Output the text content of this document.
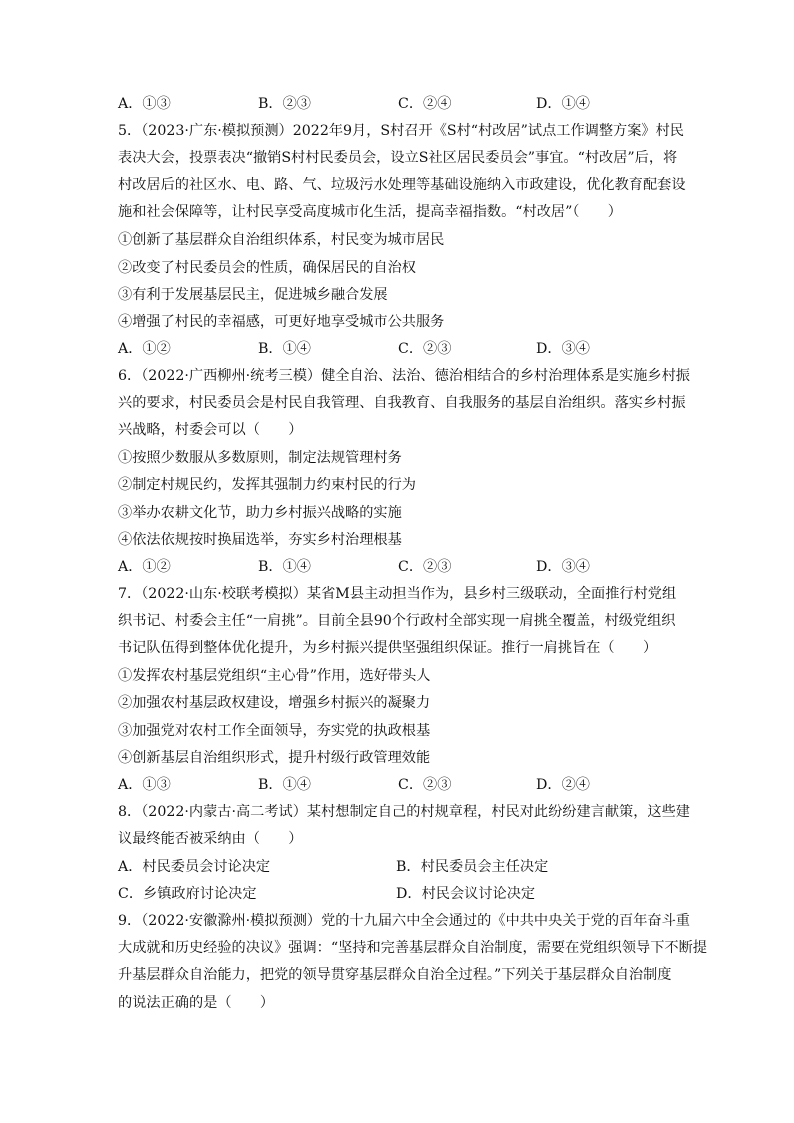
A．①③	B．②③	C．②④	D．①④
5．（2023·广东·模拟预测）2022年9月，S村召开《S村“村改居”试点工作调整方案》村民
表决大会，投票表决“撤销S村村民委员会，设立S社区居民委员会”事宜。“村改居”后，将
村改居后的社区水、电、路、气、垃圾污水处理等基础设施纳入市政建设，优化教育配套设
施和社会保障等，让村民享受高度城市化生活，提高幸福指数。“村改居”（　　）
①创新了基层群众自治组织体系，村民变为城市居民
②改变了村民委员会的性质，确保居民的自治权
③有利于发展基层民主，促进城乡融合发展
④增强了村民的幸福感，可更好地享受城市公共服务
A．①②	B．①④	C．②③	D．③④
6．（2022·广西柳州·统考三模）健全自治、法治、德治相结合的乡村治理体系是实施乡村振
兴的要求，村民委员会是村民自我管理、自我教育、自我服务的基层自治组织。落实乡村振
兴战略，村委会可以（　　）
①按照少数服从多数原则，制定法规管理村务
②制定村规民约，发挥其强制力约束村民的行为
③举办农耕文化节，助力乡村振兴战略的实施
④依法依规按时换届选举，夯实乡村治理根基
A．①②	B．①④	C．②③	D．③④
7．（2022·山东·校联考模拟）某省M县主动担当作为，县乡村三级联动，全面推行村党组
织书记、村委会主任“一肩挑”。目前全县90个行政村全部实现一肩挑全覆盖，村级党组织
书记队伍得到整体优化提升，为乡村振兴提供坚强组织保证。推行一肩挑旨在（　　）
①发挥农村基层党组织“主心骨”作用，选好带头人
②加强农村基层政权建设，增强乡村振兴的凝聚力
③加强党对农村工作全面领导，夯实党的执政根基
④创新基层自治组织形式，提升村级行政管理效能
A．①③	B．①④	C．②③	D．②④
8．（2022·内蒙古·高二考试）某村想制定自己的村规章程，村民对此纷纷建言献策，这些建
议最终能否被采纳由（　　）
A．村民委员会讨论决定	B．村民委员会主任决定
C．乡镇政府讨论决定	D．村民会议讨论决定
9．（2022·安徽滁州·模拟预测）党的十九届六中全会通过的《中共中央关于党的百年奋斗重
大成就和历史经验的决议》强调：“坚持和完善基层群众自治制度，需要在党组织领导下不断提
升基层群众自治能力，把党的领导贯穿基层群众自治全过程。”下列关于基层群众自治制度
的说法正确的是（　　）
